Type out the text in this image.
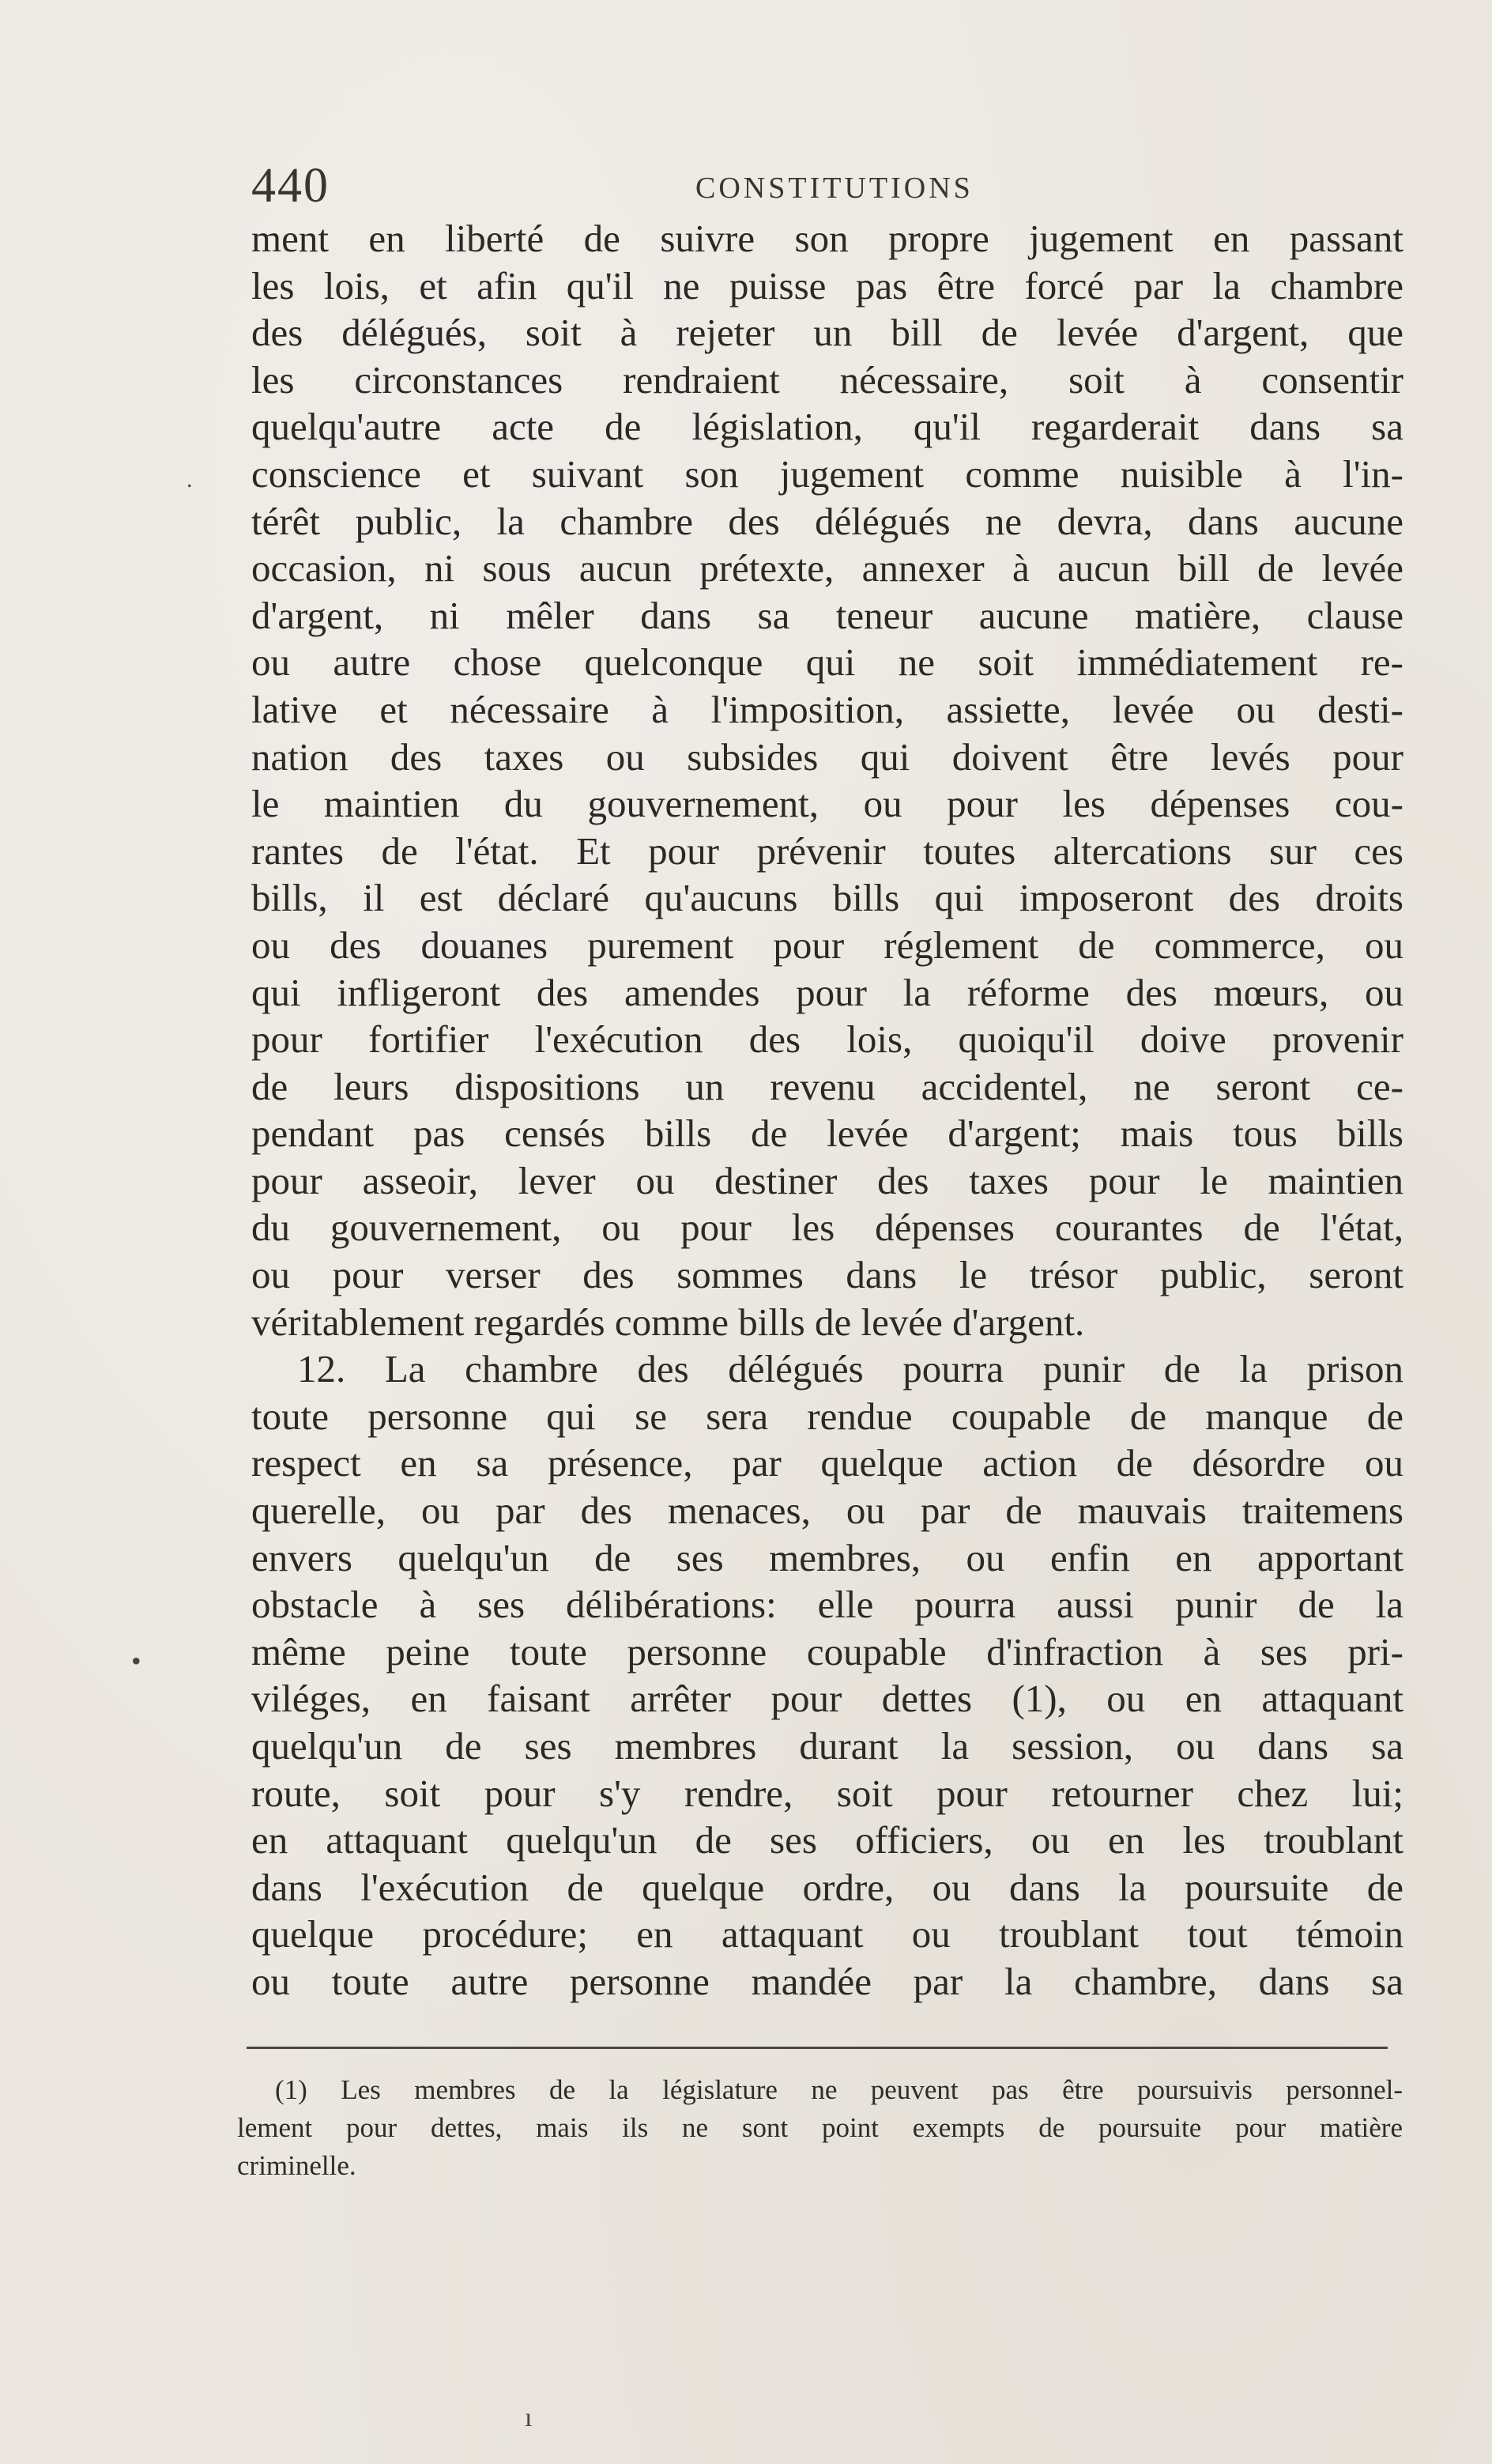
440	CONSTITUTIONS
ment en liberté de suivre son propre jugement en passant
les lois, et afin qu'il ne puisse pas être forcé par la chambre
des délégués, soit à rejeter un bill de levée d'argent, que
les circonstances rendraient nécessaire, soit à consentir
quelqu'autre acte de législation, qu'il regarderait dans sa
conscience et suivant son jugement comme nuisible à l'in-
térêt public, la chambre des délégués ne devra, dans aucune
occasion, ni sous aucun prétexte, annexer à aucun bill de levée
d'argent, ni mêler dans sa teneur aucune matière, clause
ou autre chose quelconque qui ne soit immédiatement re-
lative et nécessaire à l'imposition, assiette, levée ou desti-
nation des taxes ou subsides qui doivent être levés pour
le maintien du gouvernement, ou pour les dépenses cou-
rantes de l'état. Et pour prévenir toutes altercations sur ces
bills, il est déclaré qu'aucuns bills qui imposeront des droits
ou des douanes purement pour réglement de commerce, ou
qui infligeront des amendes pour la réforme des mœurs, ou
pour fortifier l'exécution des lois, quoiqu'il doive provenir
de leurs dispositions un revenu accidentel, ne seront ce-
pendant pas censés bills de levée d'argent; mais tous bills
pour asseoir, lever ou destiner des taxes pour le maintien
du gouvernement, ou pour les dépenses courantes de l'état,
ou pour verser des sommes dans le trésor public, seront
véritablement regardés comme bills de levée d'argent.
12. La chambre des délégués pourra punir de la prison
toute personne qui se sera rendue coupable de manque de
respect en sa présence, par quelque action de désordre ou
querelle, ou par des menaces, ou par de mauvais traitemens
envers quelqu'un de ses membres, ou enfin en apportant
obstacle à ses délibérations: elle pourra aussi punir de la
même peine toute personne coupable d'infraction à ses pri-
viléges, en faisant arrêter pour dettes (1), ou en attaquant
quelqu'un de ses membres durant la session, ou dans sa
route, soit pour s'y rendre, soit pour retourner chez lui;
en attaquant quelqu'un de ses officiers, ou en les troublant
dans l'exécution de quelque ordre, ou dans la poursuite de
quelque procédure; en attaquant ou troublant tout témoin
ou toute autre personne mandée par la chambre, dans sa
(1) Les membres de la législature ne peuvent pas être poursuivis personnel-
lement pour dettes, mais ils ne sont point exempts de poursuite pour matière
criminelle.
.
•
ı
